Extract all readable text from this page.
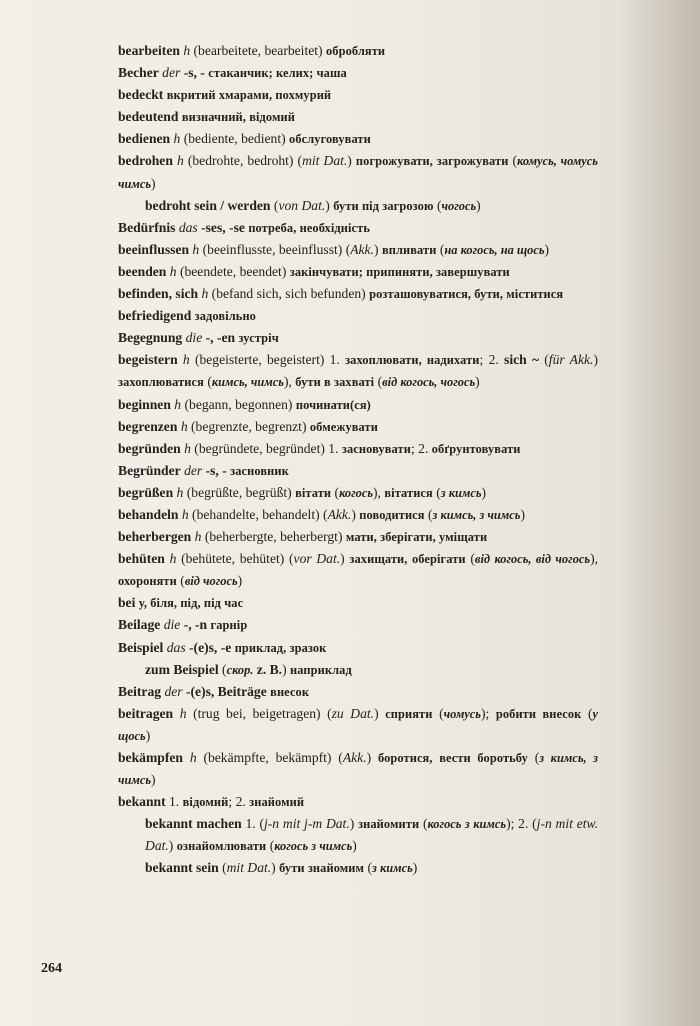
bearbeiten h (bearbeitete, bearbeitet) обробляти
Becher der -s, - стаканчик; келих; чаша
bedeckt вкритий хмарами, похмурий
bedeutend визначний, відомий
bedienen h (bediente, bedient) обслуговувати
bedrohen h (bedrohte, bedroht) (mit Dat.) погрожувати, загрожувати (комусь, чомусь чимсь)
bedroht sein / werden (von Dat.) бути під загрозою (чогось)
Bedürfnis das -ses, -se потреба, необхідність
beeinflussen h (beeinflusste, beeinflusst) (Akk.) впливати (на когось, на щось)
beenden h (beendete, beendet) закінчувати; припиняти, завершувати
befinden, sich h (befand sich, sich befunden) розташовуватися, бути, міститися
befriedigend задовільно
Begegnung die -, -en зустріч
begeistern h (begeisterte, begeistert) 1. захоплювати, надихати; 2. sich ~ (für Akk.) захоплюватися (кимсь, чимсь), бути в захваті (від когось, чогось)
beginnen h (begann, begonnen) починати(ся)
begrenzen h (begrenzte, begrenzt) обмежувати
begründen h (begründete, begründet) 1. засновувати; 2. обґрунтовувати
Begründer der -s, - засновник
begrüßen h (begrüßte, begrüßt) вітати (когось), вітатися (з кимсь)
behandeln h (behandelte, behandelt) (Akk.) поводитися (з кимсь, з чимсь)
beherbergen h (beherbergte, beherbergt) мати, зберігати, уміщати
behüten h (behütete, behütet) (vor Dat.) захищати, оберігати (від когось, від чогось), охороняти (від чогось)
bei у, біля, під, під час
Beilage die -, -n гарнір
Beispiel das -(e)s, -e приклад, зразок
zum Beispiel (скор. z. B.) наприклад
Beitrag der -(e)s, Beiträge внесок
beitragen h (trug bei, beigetragen) (zu Dat.) сприяти (чомусь); робити внесок (у щось)
bekämpfen h (bekämpfte, bekämpft) (Akk.) боротися, вести боротьбу (з кимсь, з чимсь)
bekannt 1. відомий; 2. знайомий
bekannt machen 1. (j-n mit j-m Dat.) знайомити (когось з кимсь); 2. (j-n mit etw. Dat.) ознайомлювати (когось з чимсь)
bekannt sein (mit Dat.) бути знайомим (з кимсь)
264
